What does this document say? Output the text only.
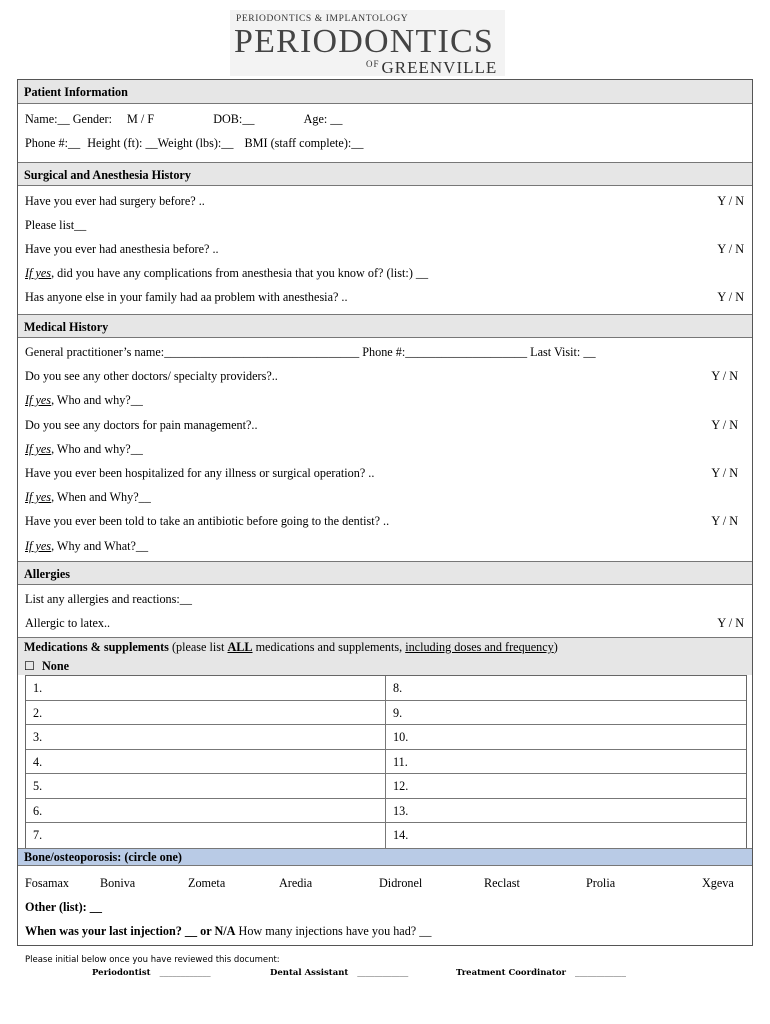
PERIODONTICS & IMPLANTOLOGY
PERIODONTICS
$^{OF}$ GREENVILLE
Patient Information
Name:__ Gender: M / F	DOB:__	Age: __
Phone #:__ Height (ft): __Weight (lbs):__ BMI (staff complete):__
Surgical and Anesthesia History
Have you ever had surgery before? ..	Y / N
Please list__
Have you ever had anesthesia before? ..	Y / N
If yes, did you have any complications from anesthesia that you know of? (list:) __
Has anyone else in your family had aa problem with anesthesia? ..	Y / N
Medical History
General practitioner’s name:________________________________ Phone #:____________________ Last Visit: __
Do you see any other doctors/ specialty providers?..	Y / N
If yes, Who and why?__
Do you see any doctors for pain management?..	Y / N
If yes, Who and why?__
Have you ever been hospitalized for any illness or surgical operation? ..	Y / N
If yes, When and Why?__
Have you ever been told to take an antibiotic before going to the dentist? ..	Y / N
If yes, Why and What?__
Allergies
List any allergies and reactions:__
Allergic to latex..	Y / N
Medications & supplements (please list ALL medications and supplements, including doses and frequency)
☐ None
1.	8.
2.	9.
3.	10.
4.	11.
5.	12.
6.	13.
7.	14.
Bone/osteoporosis: (circle one)
Fosamax	Boniva	Zometa	Aredia	Didronel	Reclast	Prolia	Xgeva
Other (list): __
When was your last injection? __ or N/A How many injections have you had? __
Please initial below once you have reviewed this document:
Periodontist ____________	Dental Assistant ____________	Treatment Coordinator ____________
